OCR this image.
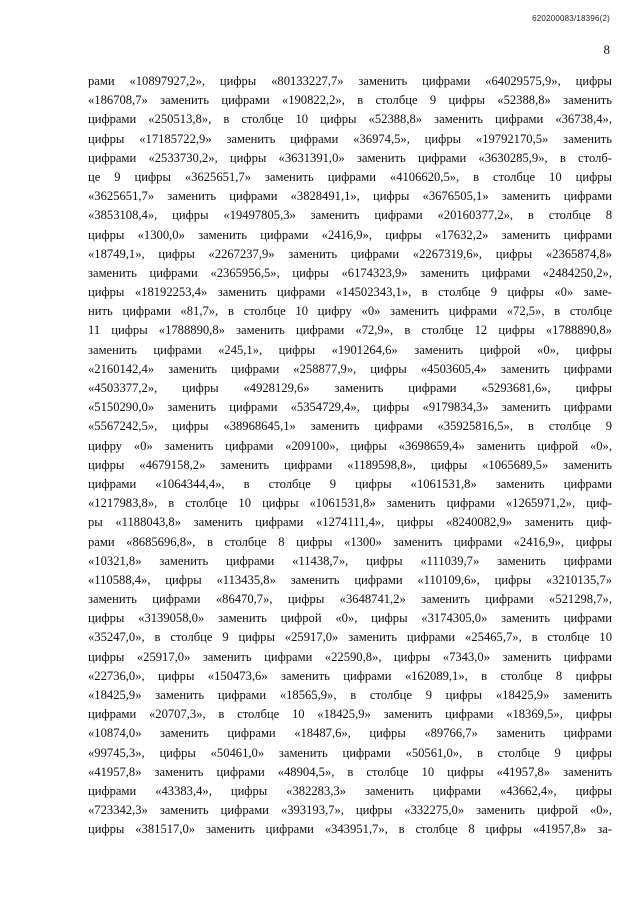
620200083/18396(2)
8
рами «10897927,2», цифры «80133227,7» заменить цифрами «64029575,9», цифры
«186708,7» заменить цифрами «190822,2», в столбце 9 цифры «52388,8» заменить
цифрами «250513,8», в столбце 10 цифры «52388,8» заменить цифрами «36738,4»,
цифры «17185722,9» заменить цифрами «36974,5», цифры «19792170,5» заменить
цифрами «2533730,2», цифры «3631391,0» заменить цифрами «3630285,9», в столб-
це 9 цифры «3625651,7» заменить цифрами «4106620,5», в столбце 10 цифры
«3625651,7» заменить цифрами «3828491,1», цифры «3676505,1» заменить цифрами
«3853108,4», цифры «19497805,3» заменить цифрами «20160377,2», в столбце 8
цифры «1300,0» заменить цифрами «2416,9», цифры «17632,2» заменить цифрами
«18749,1», цифры «2267237,9» заменить цифрами «2267319,6», цифры «2365874,8»
заменить цифрами «2365956,5», цифры «6174323,9» заменить цифрами «2484250,2»,
цифры «18192253,4» заменить цифрами «14502343,1», в столбце 9 цифры «0» заме-
нить цифрами «81,7», в столбце 10 цифру «0» заменить цифрами «72,5», в столбце
11 цифры «1788890,8» заменить цифрами «72,9», в столбце 12 цифры «1788890,8»
заменить цифрами «245,1», цифры «1901264,6» заменить цифрой «0», цифры
«2160142,4» заменить цифрами «258877,9», цифры «4503605,4» заменить цифрами
«4503377,2», цифры «4928129,6» заменить цифрами «5293681,6», цифры
«5150290,0» заменить цифрами «5354729,4», цифры «9179834,3» заменить цифрами
«5567242,5», цифры «38968645,1» заменить цифрами «35925816,5», в столбце 9
цифру «0» заменить цифрами «209100», цифры «3698659,4» заменить цифрой «0»,
цифры «4679158,2» заменить цифрами «1189598,8», цифры «1065689,5» заменить
цифрами «1064344,4», в столбце 9 цифры «1061531,8» заменить цифрами
«1217983,8», в столбце 10 цифры «1061531,8» заменить цифрами «1265971,2», циф-
ры «1188043,8» заменить цифрами «1274111,4», цифры «8240082,9» заменить циф-
рами «8685696,8», в столбце 8 цифры «1300» заменить цифрами «2416,9», цифры
«10321,8» заменить цифрами «11438,7», цифры «111039,7» заменить цифрами
«110588,4», цифры «113435,8» заменить цифрами «110109,6», цифры «3210135,7»
заменить цифрами «86470,7», цифры «3648741,2» заменить цифрами «521298,7»,
цифры «3139058,0» заменить цифрой «0», цифры «3174305,0» заменить цифрами
«35247,0», в столбце 9 цифры «25917,0» заменить цифрами «25465,7», в столбце 10
цифры «25917,0» заменить цифрами «22590,8», цифры «7343,0» заменить цифрами
«22736,0», цифры «150473,6» заменить цифрами «162089,1», в столбце 8 цифры
«18425,9» заменить цифрами «18565,9», в столбце 9 цифры «18425,9» заменить
цифрами «20707,3», в столбце 10 «18425,9» заменить цифрами «18369,5», цифры
«10874,0» заменить цифрами «18487,6», цифры «89766,7» заменить цифрами
«99745,3», цифры «50461,0» заменить цифрами «50561,0», в столбце 9 цифры
«41957,8» заменить цифрами «48904,5», в столбце 10 цифры «41957,8» заменить
цифрами «43383,4», цифры «382283,3» заменить цифрами «43662,4», цифры
«723342,3» заменить цифрами «393193,7», цифры «332275,0» заменить цифрой «0»,
цифры «381517,0» заменить цифрами «343951,7», в столбце 8 цифры «41957,8» за-
